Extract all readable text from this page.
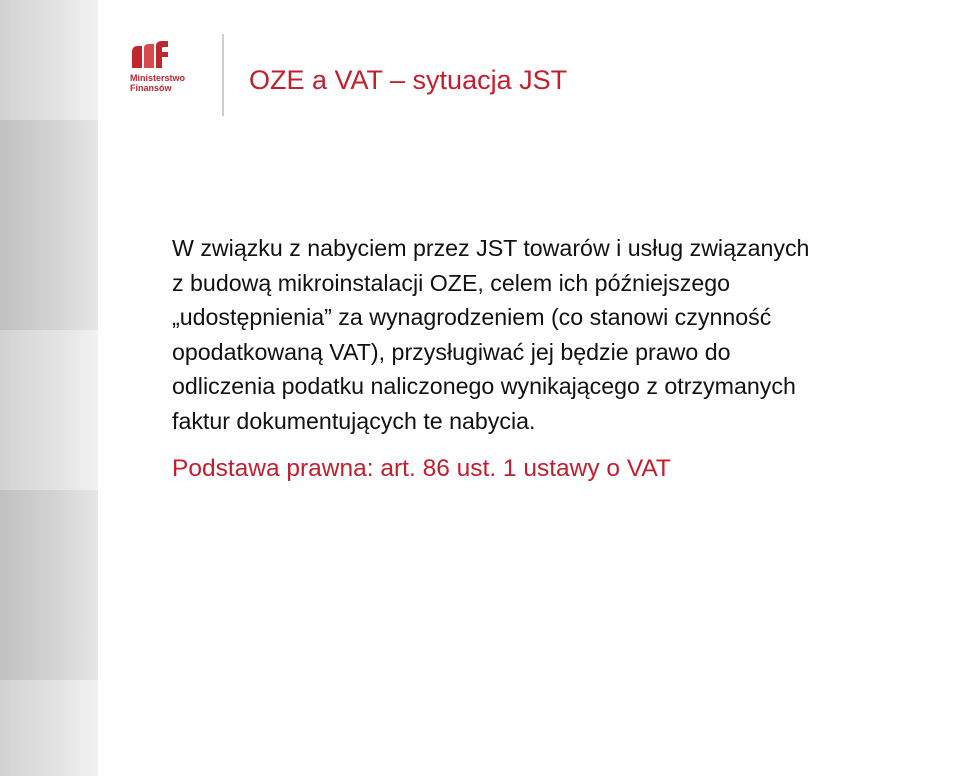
Ministerstwo
Finansów	OZE a VAT – sytuacja JST
W związku z nabyciem przez JST towarów i usług związanych
z budową mikroinstalacji OZE, celem ich późniejszego
„udostępnienia” za wynagrodzeniem (co stanowi czynność
opodatkowaną VAT), przysługiwać jej będzie prawo do
odliczenia podatku naliczonego wynikającego z otrzymanych
faktur dokumentujących te nabycia.
Podstawa prawna: art. 86 ust. 1 ustawy o VAT
